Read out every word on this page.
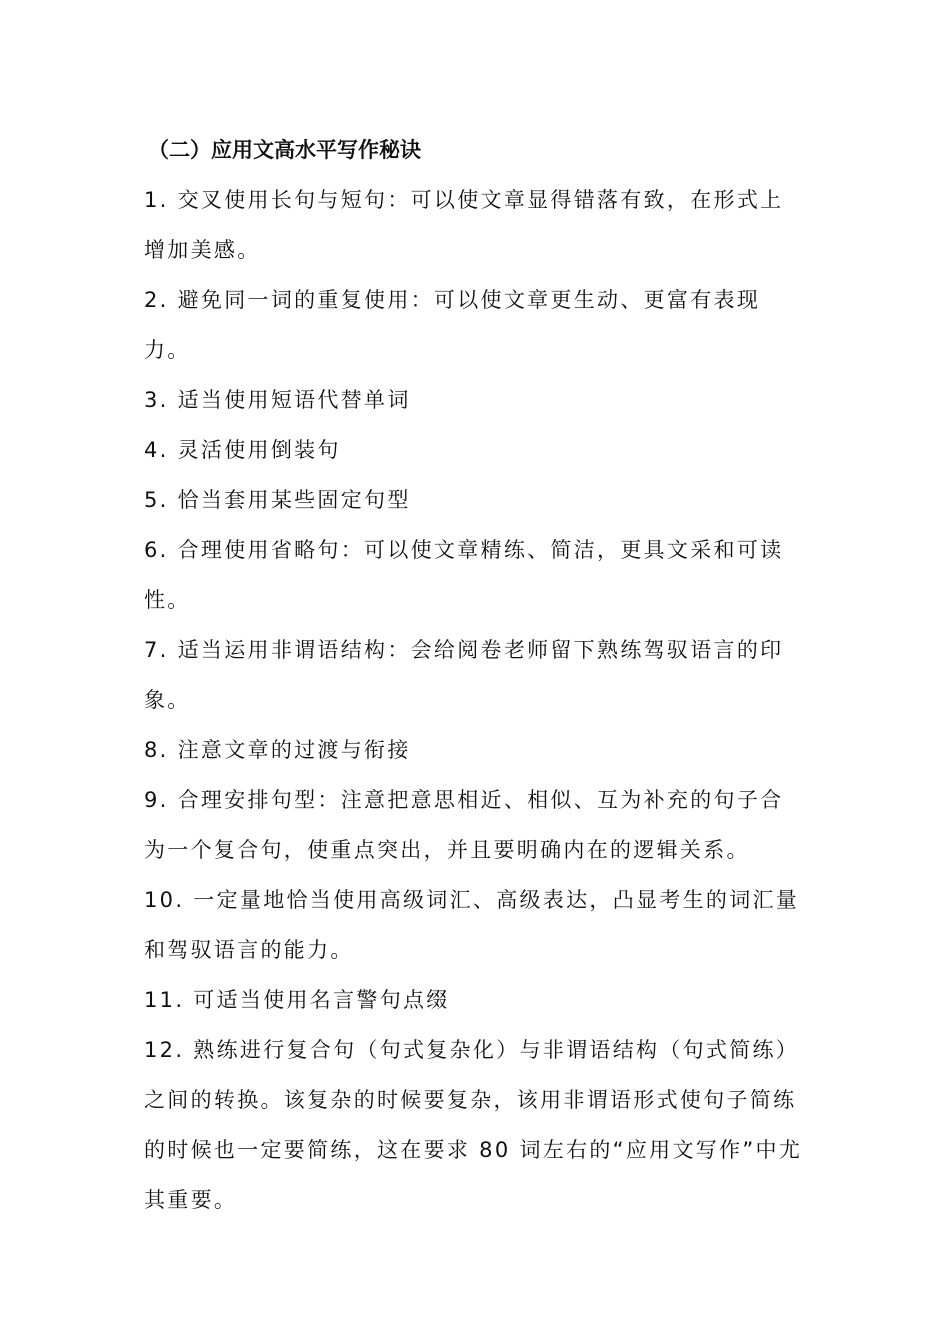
（二）应用文高水平写作秘诀
1. 交叉使用长句与短句：可以使文章显得错落有致，在形式上增加美感。
2. 避免同一词的重复使用：可以使文章更生动、更富有表现力。
3. 适当使用短语代替单词
4. 灵活使用倒装句
5. 恰当套用某些固定句型
6. 合理使用省略句：可以使文章精练、简洁，更具文采和可读性。
7. 适当运用非谓语结构：会给阅卷老师留下熟练驾驭语言的印象。
8. 注意文章的过渡与衔接
9. 合理安排句型：注意把意思相近、相似、互为补充的句子合为一个复合句，使重点突出，并且要明确内在的逻辑关系。
10. 一定量地恰当使用高级词汇、高级表达，凸显考生的词汇量和驾驭语言的能力。
11. 可适当使用名言警句点缀
12. 熟练进行复合句（句式复杂化）与非谓语结构（句式简练）之间的转换。该复杂的时候要复杂，该用非谓语形式使句子简练的时候也一定要简练，这在要求 80 词左右的“应用文写作”中尤其重要。
